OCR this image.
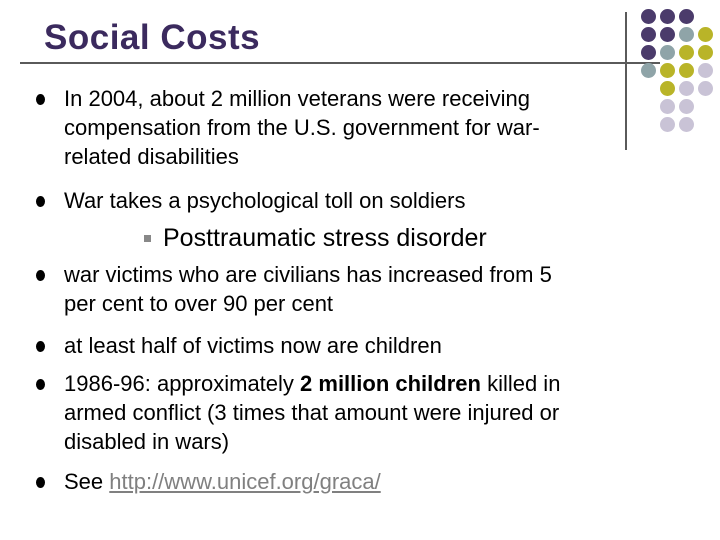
Social Costs
In 2004, about 2 million veterans were receiving
compensation from the U.S. government for war-
related disabilities
War takes a psychological toll on soldiers
Posttraumatic stress disorder
war victims who are civilians has increased from 5
per cent to over 90 per cent
at least half of victims now are children
1986-96: approximately 2 million children killed in
armed conflict (3 times that amount were injured or
disabled in wars)
See http://www.unicef.org/graca/
